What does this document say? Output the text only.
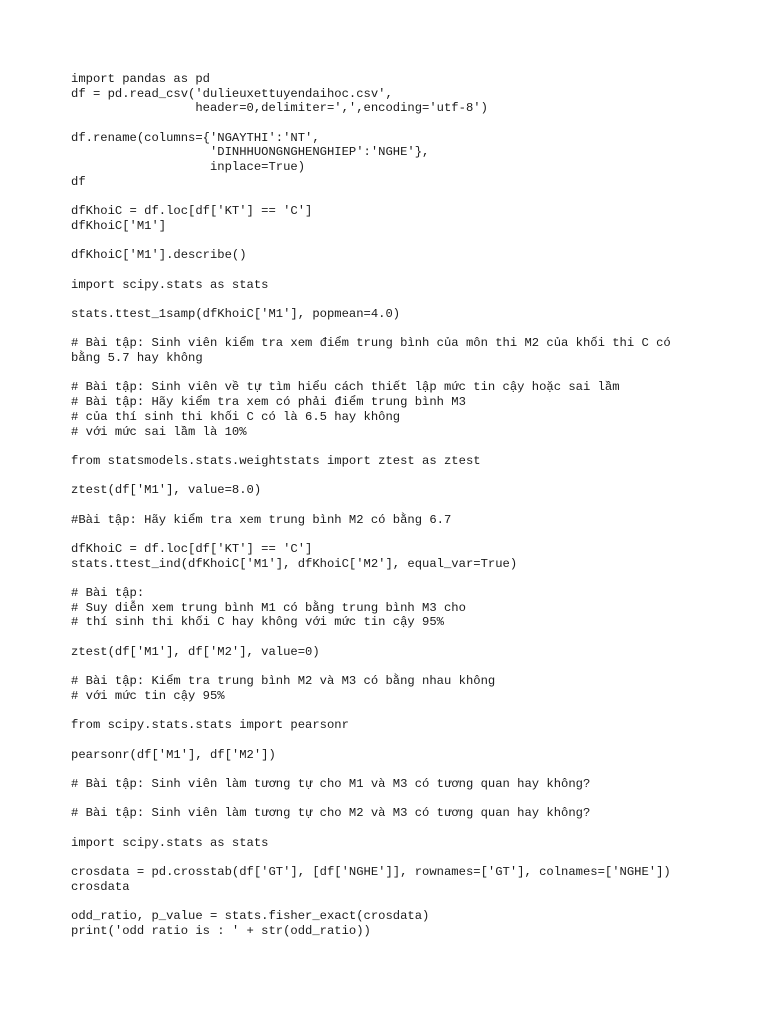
import pandas as pd
df = pd.read_csv('dulieuxettuyendaihoc.csv',
header=0,delimiter=',',encoding='utf-8')
df.rename(columns={'NGAYTHI':'NT',
'DINHHUONGNGHENGHIEP':'NGHE'},
inplace=True)
df
dfKhoiC = df.loc[df['KT'] == 'C']
dfKhoiC['M1']
dfKhoiC['M1'].describe()
import scipy.stats as stats
stats.ttest_1samp(dfKhoiC['M1'], popmean=4.0)
# Bài tập: Sinh viên kiểm tra xem điểm trung bình của môn thi M2 của khối thi C có
bằng 5.7 hay không
# Bài tập: Sinh viên về tự tìm hiểu cách thiết lập mức tin cậy hoặc sai lầm
# Bài tập: Hãy kiểm tra xem có phải điểm trung bình M3
# của thí sinh thi khối C có là 6.5 hay không
# với mức sai lầm là 10%
from statsmodels.stats.weightstats import ztest as ztest
ztest(df['M1'], value=8.0)
#Bài tập: Hãy kiểm tra xem trung bình M2 có bằng 6.7
dfKhoiC = df.loc[df['KT'] == 'C']
stats.ttest_ind(dfKhoiC['M1'], dfKhoiC['M2'], equal_var=True)
# Bài tập:
# Suy diễn xem trung bình M1 có bằng trung bình M3 cho
# thí sinh thi khối C hay không với mức tin cậy 95%
ztest(df['M1'], df['M2'], value=0)
# Bài tập: Kiểm tra trung bình M2 và M3 có bằng nhau không
# với mức tin cậy 95%
from scipy.stats.stats import pearsonr
pearsonr(df['M1'], df['M2'])
# Bài tập: Sinh viên làm tương tự cho M1 và M3 có tương quan hay không?
# Bài tập: Sinh viên làm tương tự cho M2 và M3 có tương quan hay không?
import scipy.stats as stats
crosdata = pd.crosstab(df['GT'], [df['NGHE']], rownames=['GT'], colnames=['NGHE'])
crosdata
odd_ratio, p_value = stats.fisher_exact(crosdata)
print('odd ratio is : ' + str(odd_ratio))
